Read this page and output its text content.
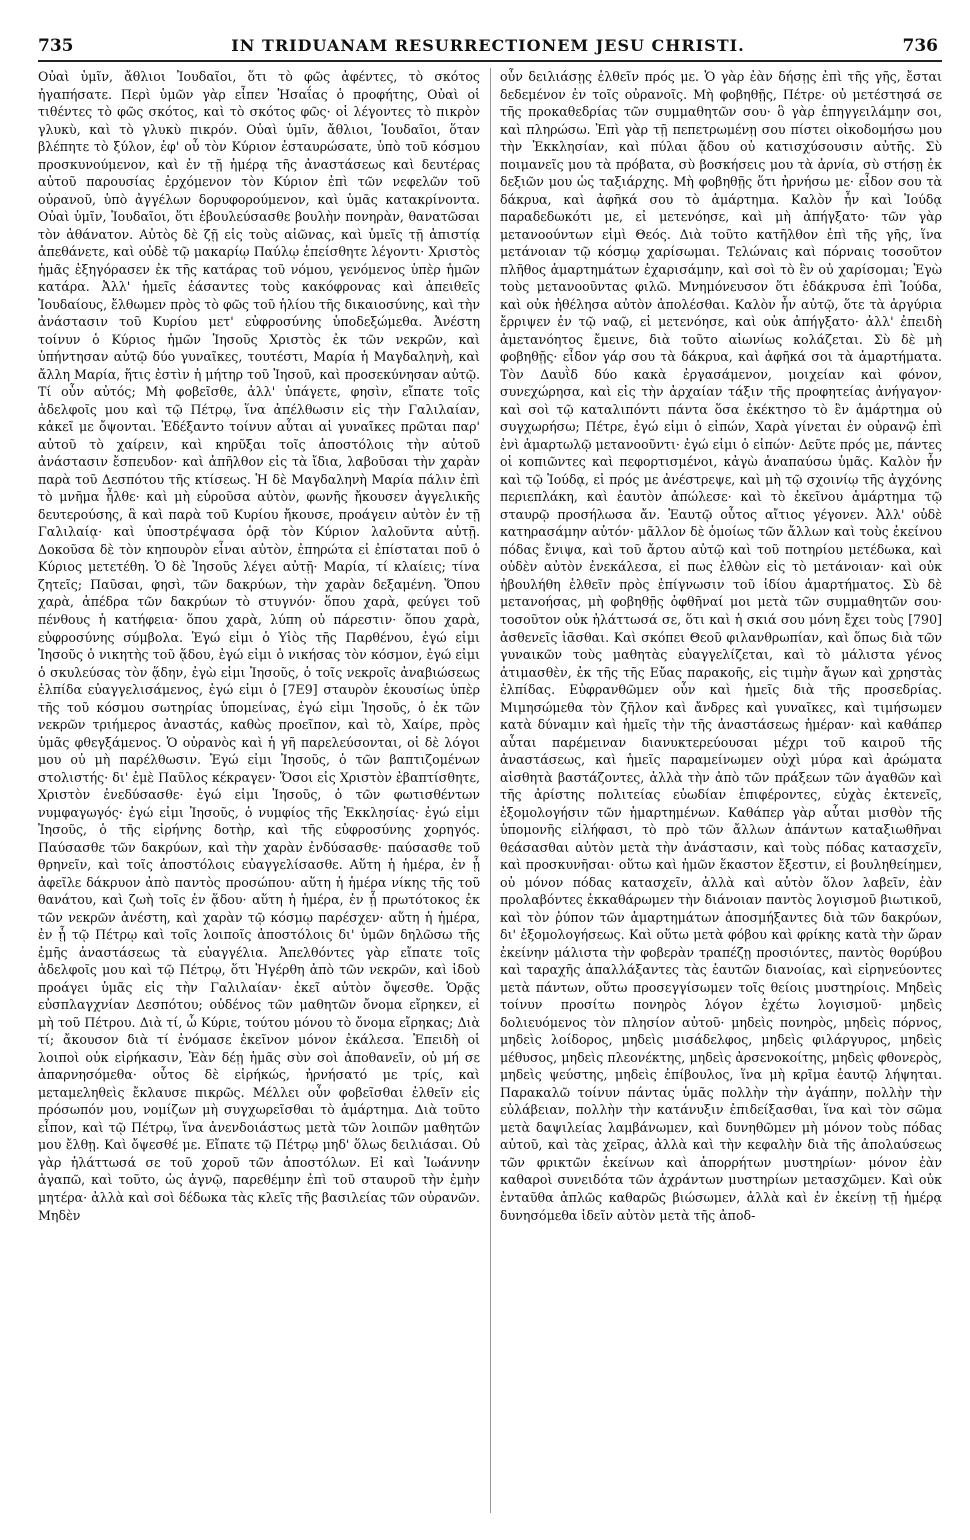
735	IN TRIDUANAM RESURRECTIONEM JESU CHRISTI.	736

Οὐαὶ ὑμῖν, ἄθλιοι Ἰουδαῖοι, ὅτι τὸ φῶς ἀφέντες, τὸ σκότος ἠγαπήσατε. Περὶ ὑμῶν γὰρ εἶπεν Ἡσαΐας ὁ προφήτης, Οὐαὶ οἱ τιθέντες τὸ φῶς σκότος, καὶ τὸ σκότος φῶς· οἱ λέγοντες τὸ πικρὸν γλυκὺ, καὶ τὸ γλυκὺ πικρόν. Οὐαὶ ὑμῖν, ἄθλιοι, Ἰουδαῖοι, ὅταν βλέπητε τὸ ξύλον, ἐφ' οὗ τὸν Κύριον ἐσταυρώσατε, ὑπὸ τοῦ κόσμου προσκυνούμενον, καὶ ἐν τῇ ἡμέρᾳ τῆς ἀναστάσεως καὶ δευτέρας αὐτοῦ παρουσίας ἐρχόμενον τὸν Κύριον ἐπὶ τῶν νεφελῶν τοῦ οὐρανοῦ, ὑπὸ ἀγγέλων δορυφορούμενον, καὶ ὑμᾶς κατακρίνοντα. Οὐαὶ ὑμῖν, Ἰουδαῖοι, ὅτι ἐβουλεύσασθε βουλὴν πονηρὰν, θανατῶσαι τὸν ἀθάνατον. Αὐτὸς δὲ ζῇ εἰς τοὺς αἰῶνας, καὶ ὑμεῖς τῇ ἀπιστίᾳ ἀπεθάνετε, καὶ οὐδὲ τῷ μακαρίῳ Παύλῳ ἐπείσθητε λέγοντι· Χριστὸς ἡμᾶς ἐξηγόρασεν ἐκ τῆς κατάρας τοῦ νόμου, γενόμενος ὑπὲρ ἡμῶν κατάρα. Ἀλλ' ἡμεῖς ἐάσαντες τοὺς κακόφρονας καὶ ἀπειθεῖς Ἰουδαίους, ἔλθωμεν πρὸς τὸ φῶς τοῦ ἡλίου τῆς δικαιοσύνης, καὶ τὴν ἀνάστασιν τοῦ Κυρίου μετ' εὐφροσύνης ὑποδεξώμεθα. Ἀνέστη τοίνυν ὁ Κύριος ἡμῶν Ἰησοῦς Χριστὸς ἐκ τῶν νεκρῶν, καὶ ὑπήντησαν αὐτῷ δύο γυναῖκες, τουτέστι, Μαρία ἡ Μαγδαληνὴ, καὶ ἄλλη Μαρία, ἥτις ἐστὶν ἡ μήτηρ τοῦ Ἰησοῦ, καὶ προσεκύνησαν αὐτῷ. Τί οὖν αὐτός; Μὴ φοβεῖσθε, ἀλλ' ὑπάγετε, φησὶν, εἴπατε τοῖς ἀδελφοῖς μου καὶ τῷ Πέτρῳ, ἵνα ἀπέλθωσιν εἰς τὴν Γαλιλαίαν, κἀκεῖ με ὄψονται. Ἐδέξαντο τοίνυν αὗται αἱ γυναῖκες πρῶται παρ' αὐτοῦ τὸ χαίρειν, καὶ κηρῦξαι τοῖς ἀποστόλοις τὴν αὐτοῦ ἀνάστασιν ἔσπευδον· καὶ ἀπῆλθον εἰς τὰ ἴδια, λαβοῦσαι τὴν χαρὰν παρὰ τοῦ Δεσπότου τῆς κτίσεως. Ἡ δὲ Μαγδαληνὴ Μαρία πάλιν ἐπὶ τὸ μνῆμα ἦλθε· καὶ μὴ εὑροῦσα αὐτὸν, φωνῆς ἤκουσεν ἀγγελικῆς δευτερούσης, ἃ καὶ παρὰ τοῦ Κυρίου ἤκουσε, προάγειν αὐτὸν ἐν τῇ Γαλιλαίᾳ· καὶ ὑποστρέψασα ὁρᾷ τὸν Κύριον λαλοῦντα αὐτῇ. Δοκοῦσα δὲ τὸν κηπουρὸν εἶναι αὐτὸν, ἐπηρώτα εἰ ἐπίσταται ποῦ ὁ Κύριος μετετέθη. Ὁ δὲ Ἰησοῦς λέγει αὐτῇ· Μαρία, τί κλαίεις; τίνα ζητεῖς; Παῦσαι, φησὶ, τῶν δακρύων, τὴν χαρὰν δεξαμένη. Ὅπου χαρὰ, ἀπέδρα τῶν δακρύων τὸ στυγνόν· ὅπου χαρὰ, φεύγει τοῦ πένθους ἡ κατήφεια· ὅπου χαρὰ, λύπη οὐ πάρεστιν· ὅπου χαρὰ, εὐφροσύνης σύμβολα. Ἐγώ εἰμι ὁ Υἱὸς τῆς Παρθένου, ἐγώ εἰμι Ἰησοῦς ὁ νικητὴς τοῦ ᾅδου, ἐγώ εἰμι ὁ νικήσας τὸν κόσμον, ἐγώ εἰμι ὁ σκυλεύσας τὸν ᾅδην, ἐγὼ εἰμι Ἰησοῦς, ὁ τοῖς νεκροῖς ἀναβιώσεως ἐλπίδα εὐαγγελισάμενος, ἐγώ εἰμι ὁ [7E9] σταυρὸν ἑκουσίως ὑπὲρ τῆς τοῦ κόσμου σωτηρίας ὑπομείνας, ἐγώ εἰμι Ἰησοῦς, ὁ ἐκ τῶν νεκρῶν τριήμερος ἀναστάς, καθὼς προεῖπον, καὶ τὸ, Χαίρε, πρὸς ὑμᾶς φθεγξάμενος. Ὁ οὐρανὸς καὶ ἡ γῆ παρελεύσονται, οἱ δὲ λόγοι μου οὐ μὴ παρέλθωσιν. Ἐγώ εἰμι Ἰησοῦς, ὁ τῶν βαπτιζομένων στολιστής· δι' ἐμὲ Παῦλος κέκραγεν· Ὅσοι εἰς Χριστὸν ἐβαπτίσθητε, Χριστὸν ἐνεδύσασθε· ἐγώ εἰμι Ἰησοῦς, ὁ τῶν φωτισθέντων νυμφαγωγός· ἐγώ εἰμι Ἰησοῦς, ὁ νυμφίος τῆς Ἐκκλησίας· ἐγώ εἰμι Ἰησοῦς, ὁ τῆς εἰρήνης δοτὴρ, καὶ τῆς εὐφροσύνης χορηγός. Παύσασθε τῶν δακρύων, καὶ τὴν χαρὰν ἐνδύσασθε· παύσασθε τοῦ θρηνεῖν, καὶ τοῖς ἀποστόλοις εὐαγγελίσασθε. Αὕτη ἡ ἡμέρα, ἐν ᾗ ἀφεῖλε δάκρυον ἀπὸ παντὸς προσώπου· αὕτη ἡ ἡμέρα νίκης τῆς τοῦ θανάτου, καὶ ζωὴ τοῖς ἐν ᾅδου· αὕτη ἡ ἡμέρα, ἐν ᾗ πρωτότοκος ἐκ τῶν νεκρῶν ἀνέστη, καὶ χαρὰν τῷ κόσμῳ παρέσχεν· αὕτη ἡ ἡμέρα, ἐν ᾗ τῷ Πέτρῳ καὶ τοῖς λοιποῖς ἀποστόλοις δι' ὑμῶν δηλῶσω τῆς ἐμῆς ἀναστάσεως τὰ εὐαγγέλια. Ἀπελθόντες γὰρ εἴπατε τοῖς ἀδελφοῖς μου καὶ τῷ Πέτρῳ, ὅτι Ἠγέρθη ἀπὸ τῶν νεκρῶν, καὶ ἰδοὺ προάγει ὑμᾶς εἰς τὴν Γαλιλαίαν· ἐκεῖ αὐτὸν ὄψεσθε. Ὁρᾷς εὐσπλαγχνίαν Δεσπότου; οὐδένος τῶν μαθητῶν ὄνομα εἴρηκεν, εἰ μὴ τοῦ Πέτρου. Διὰ τί, ὦ Κύριε, τούτου μόνου τὸ ὄνομα εἴρηκας; Διὰ τί; ἄκουσον διὰ τί ἐνόμασε ἐκεῖνον μόνον ἐκάλεσα. Ἐπειδὴ οἱ λοιποὶ οὐκ εἰρήκασιν, Ἐὰν δέῃ ἡμᾶς σὺν σοὶ ἀποθανεῖν, οὐ μή σε ἀπαρνησόμεθα· οὗτος δὲ εἰρήκώς, ἠρνήσατό με τρίς, καὶ μεταμεληθεὶς ἔκλαυσε πικρῶς. Μέλλει οὖν φοβεῖσθαι ἐλθεῖν εἰς πρόσωπόν μου, νομίζων μὴ συγχωρεῖσθαι τὸ ἁμάρτημα. Διὰ τοῦτο εἶπον, καὶ τῷ Πέτρῳ, ἵνα ἀνενδοιάστως μετὰ τῶν λοιπῶν μαθητῶν μου ἔλθῃ. Καὶ ὄψεσθέ με. Εἴπατε τῷ Πέτρῳ μηδ' ὅλως δειλιάσαι. Οὐ γὰρ ἡλάττωσά σε τοῦ χοροῦ τῶν ἀποστόλων. Εἰ καὶ Ἰωάννην ἀγαπῶ, καὶ τοῦτο, ὡς ἁγνῷ, παρεθέμην ἐπὶ τοῦ σταυροῦ τὴν ἐμὴν μητέρα· ἀλλὰ καὶ σοὶ δέδωκα τὰς κλεῖς τῆς βασιλείας τῶν οὐρανῶν. Μηδὲν

οὖν δειλιάσῃς ἐλθεῖν πρός με. Ὁ γὰρ ἐὰν δήσῃς ἐπὶ τῆς γῆς, ἔσται δεδεμένον ἐν τοῖς οὐρανοῖς. Μὴ φοβηθῇς, Πέτρε· οὐ μετέστησά σε τῆς προκαθεδρίας τῶν συμμαθητῶν σου· ὃ γὰρ ἐπηγγειλάμην σοι, καὶ πληρώσω. Ἐπὶ γὰρ τῇ πεπετρωμένῃ σου πίστει οἰκοδομήσω μου τὴν Ἐκκλησίαν, καὶ πύλαι ᾅδου οὐ κατισχύσουσιν αὐτῆς. Σὺ ποιμανεῖς μου τὰ πρόβατα, σὺ βοσκήσεις μου τὰ ἀρνία, σὺ στήσῃ ἐκ δεξιῶν μου ὡς ταξιάρχης. Μὴ φοβηθῇς ὅτι ἠρνήσω με· εἶδον σου τὰ δάκρυα, καὶ ἀφῆκά σου τὸ ἁμάρτημα. Καλὸν ἦν καὶ Ἰούδᾳ παραδεδωκότι με, εἰ μετενόησε, καὶ μὴ ἀπήγξατο· τῶν γὰρ μετανοούντων εἰμὶ Θεός. Διὰ τοῦτο κατῆλθον ἐπὶ τῆς γῆς, ἵνα μετάνοιαν τῷ κόσμῳ χαρίσωμαι. Τελώναις καὶ πόρναις τοσοῦτον πλῆθος ἁμαρτημάτων ἐχαρισάμην, καὶ σοὶ τὸ ἓν οὐ χαρίσομαι; Ἐγὼ τοὺς μετανοοῦντας φιλῶ. Μνημόνευσον ὅτι ἐδάκρυσα ἐπὶ Ἰούδα, καὶ οὐκ ἠθέλησα αὐτὸν ἀπολέσθαι. Καλὸν ἦν αὐτῷ, ὅτε τὰ ἀργύρια ἔρριψεν ἐν τῷ ναῷ, εἰ μετενόησε, καὶ οὐκ ἀπήγξατο· ἀλλ' ἐπειδὴ ἀμετανόητος ἔμεινε, διὰ τοῦτο αἰωνίως κολάζεται. Σὺ δὲ μὴ φοβηθῇς· εἶδον γάρ σου τὰ δάκρυα, καὶ ἀφῆκά σοι τὰ ἁμαρτήματα. Τὸν Δαυῒδ δύο κακὰ ἐργασάμενον, μοιχείαν καὶ φόνον, συνεχώρησα, καὶ εἰς τὴν ἀρχαίαν τάξιν τῆς προφητείας ἀνήγαγον· καὶ σοὶ τῷ καταλιπόντι πάντα ὅσα ἐκέκτησο τὸ ἓν ἁμάρτημα οὐ συγχωρήσω; Πέτρε, ἐγώ εἰμι ὁ εἰπών, Χαρὰ γίνεται ἐν οὐρανῷ ἐπὶ ἑνὶ ἁμαρτωλῷ μετανοοῦντι· ἐγώ εἰμι ὁ εἰπών· Δεῦτε πρός με, πάντες οἱ κοπιῶντες καὶ πεφορτισμένοι, κἀγὼ ἀναπαύσω ὑμᾶς. Καλὸν ἦν καὶ τῷ Ἰούδᾳ, εἰ πρός με ἀνέστρεψε, καὶ μὴ τῷ σχοινίῳ τῆς ἀγχόνης περιεπλάκη, καὶ ἑαυτὸν ἀπώλεσε· καὶ τὸ ἐκεῖνου ἁμάρτημα τῷ σταυρῷ προσήλωσα ἄν. Ἑαυτῷ οὗτος αἴτιος γέγονεν. Ἀλλ' οὐδὲ κατηρασάμην αὐτόν· μᾶλλον δὲ ὁμοίως τῶν ἄλλων καὶ τοὺς ἐκείνου πόδας ἔνιψα, καὶ τοῦ ἄρτου αὐτῷ καὶ τοῦ ποτηρίου μετέδωκα, καὶ οὐδὲν αὐτὸν ἐνεκάλεσα, εἰ πως ἐλθὼν εἰς τὸ μετάνοιαν· καὶ οὐκ ἠβουλήθη ἐλθεῖν πρὸς ἐπίγνωσιν τοῦ ἰδίου ἁμαρτήματος. Σὺ δὲ μετανοήσας, μὴ φοβηθῇς ὀφθῆναί μοι μετὰ τῶν συμμαθητῶν σου· τοσοῦτον οὐκ ἠλάττωσά σε, ὅτι καὶ ἡ σκιά σου μόνη ἔχει τοὺς [790] ἀσθενεῖς ἰᾶσθαι. Καὶ σκόπει Θεοῦ φιλανθρωπίαν, καὶ ὅπως διὰ τῶν γυναικῶν τοὺς μαθητὰς εὐαγγελίζεται, καὶ τὸ μάλιστα γένος ἀτιμασθὲν, ἐκ τῆς τῆς Εὔας παρακοῆς, εἰς τιμὴν ἄγων καὶ χρηστὰς ἐλπίδας. Εὐφρανθῶμεν οὖν καὶ ἡμεῖς διὰ τῆς προσεδρίας. Μιμησώμεθα τὸν ζῆλον καὶ ἄνδρες καὶ γυναῖκες, καὶ τιμήσωμεν κατὰ δύναμιν καὶ ἡμεῖς τὴν τῆς ἀναστάσεως ἡμέραν· καὶ καθάπερ αὗται παρέμειναν διανυκτερεύουσαι μέχρι τοῦ καιροῦ τῆς ἀναστάσεως, καὶ ἡμεῖς παραμείνωμεν οὐχὶ μύρα καὶ ἀρώματα αἰσθητὰ βαστάζοντες, ἀλλὰ τὴν ἀπὸ τῶν πράξεων τῶν ἀγαθῶν καὶ τῆς ἀρίστης πολιτείας εὐωδίαν ἐπιφέροντες, εὐχὰς ἐκτενεῖς, ἐξομολογήσιν τῶν ἡμαρτημένων. Καθάπερ γὰρ αὗται μισθὸν τῆς ὑπομονῆς εἰλήφασι, τὸ πρὸ τῶν ἄλλων ἁπάντων καταξιωθῆναι θεάσασθαι αὐτὸν μετὰ τὴν ἀνάστασιν, καὶ τοὺς πόδας κατασχεῖν, καὶ προσκυνῆσαι· οὕτω καὶ ἡμῶν ἕκαστον ἔξεστιν, εἰ βουληθείημεν, οὐ μόνον πόδας κατασχεῖν, ἀλλὰ καὶ αὐτὸν ὅλον λαβεῖν, ἐὰν προλαβόντες ἐκκαθάρωμεν τὴν διάνοιαν παντὸς λογισμοῦ βιωτικοῦ, καὶ τὸν ῥύπον τῶν ἁμαρτημάτων ἀποσμήξαντες διὰ τῶν δακρύων, δι' ἐξομολογήσεως. Καὶ οὕτω μετὰ φόβου καὶ φρίκης κατὰ τὴν ὥραν ἐκείνην μάλιστα τὴν φοβερὰν τραπέζῃ προσιόντες, παντὸς θορύβου καὶ ταραχῆς ἀπαλλάξαντες τὰς ἑαυτῶν διανοίας, καὶ εἰρηνεύοντες μετὰ πάντων, οὕτω προσεγγίσωμεν τοῖς θείοις μυστηρίοις. Μηδεὶς τοίνυν προσίτω πονηρὸς λόγον ἐχέτω λογισμοῦ· μηδεὶς δολιευόμενος τὸν πλησίον αὐτοῦ· μηδεὶς πονηρὸς, μηδεὶς πόρνος, μηδεὶς λοίδορος, μηδεὶς μισάδελφος, μηδεὶς φιλάργυρος, μηδεὶς μέθυσος, μηδεὶς πλεονέκτης, μηδεὶς ἀρσενοκοίτης, μηδεὶς φθονερὸς, μηδεὶς ψεύστης, μηδεὶς ἐπίβουλος, ἵνα μὴ κρῖμα ἑαυτῷ λήψηται. Παρακαλῶ τοίνυν πάντας ὑμᾶς πολλὴν τὴν ἀγάπην, πολλὴν τὴν εὐλάβειαν, πολλὴν τὴν κατάνυξιν ἐπιδείξασθαι, ἵνα καὶ τὸν σῶμα μετὰ δαψιλείας λαμβάνωμεν, καὶ δυνηθῶμεν μὴ μόνον τοὺς πόδας αὐτοῦ, καὶ τὰς χεῖρας, ἀλλὰ καὶ τὴν κεφαλὴν διὰ τῆς ἀπολαύσεως τῶν φρικτῶν ἐκείνων καὶ ἀπορρήτων μυστηρίων· μόνον ἐὰν καθαροὶ συνειδότα τῶν ἀχράντων μυστηρίων μετασχῶμεν. Καὶ οὐκ ἐνταῦθα ἁπλῶς καθαρῶς βιώσωμεν, ἀλλὰ καὶ ἐν ἐκείνῃ τῇ ἡμέρᾳ δυνησόμεθα ἰδεῖν αὐτὸν μετὰ τῆς ἀποδ-
